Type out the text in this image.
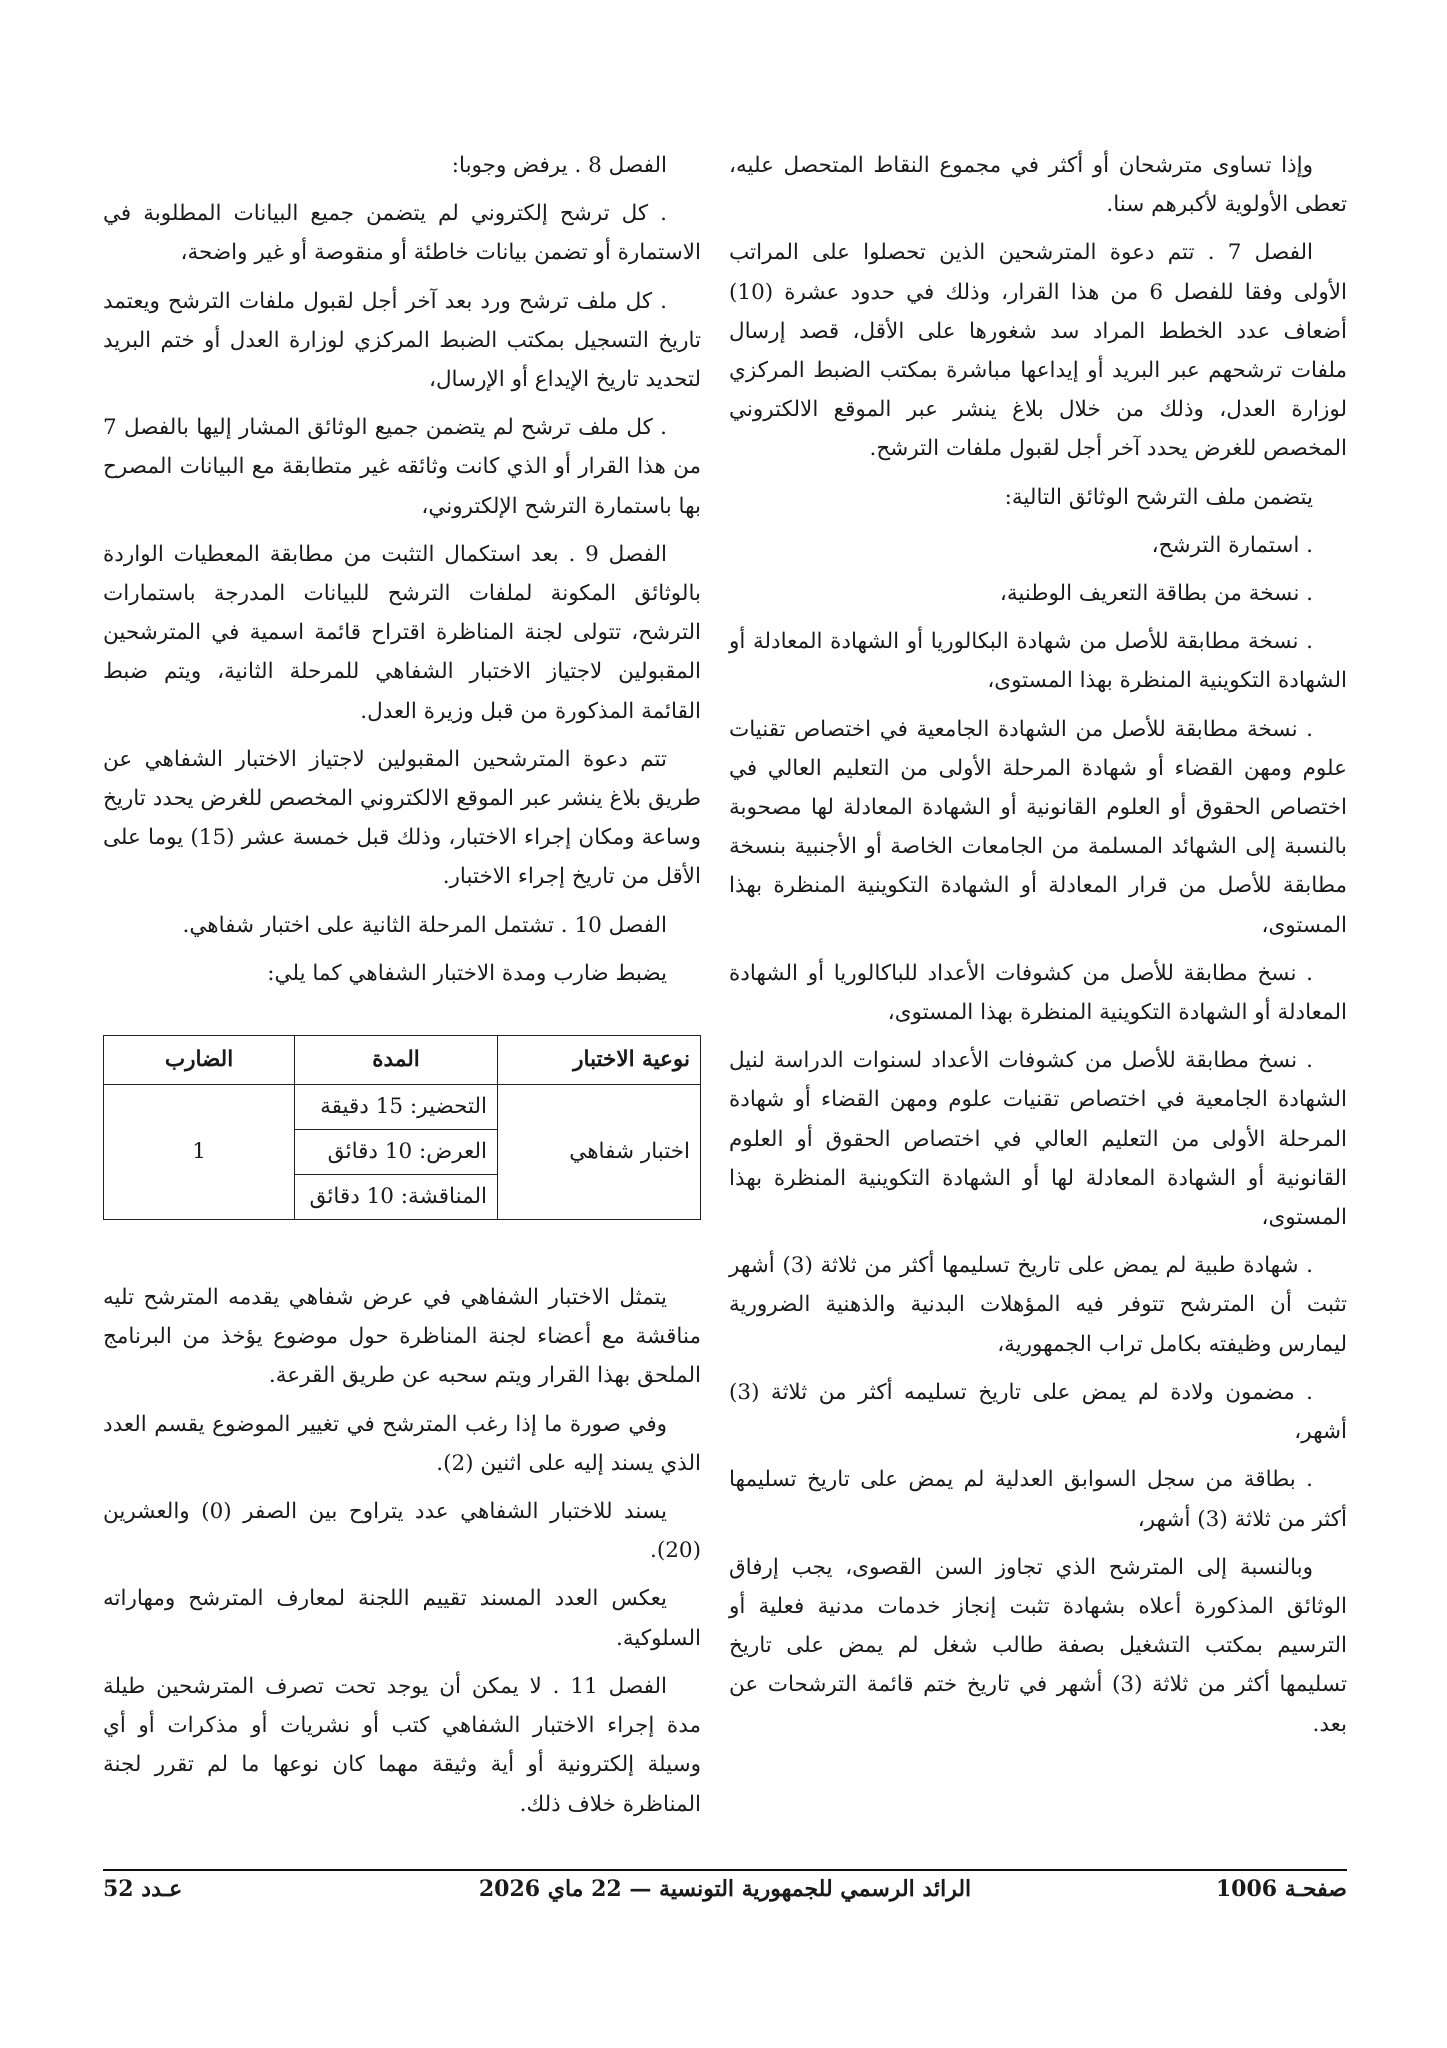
وإذا تساوى مترشحان أو أكثر في مجموع النقاط المتحصل عليه، تعطى الأولوية لأكبرهم سنا.

الفصل 7 . تتم دعوة المترشحين الذين تحصلوا على المراتب الأولى وفقا للفصل 6 من هذا القرار، وذلك في حدود عشرة (10) أضعاف عدد الخطط المراد سد شغورها على الأقل، قصد إرسال ملفات ترشحهم عبر البريد أو إيداعها مباشرة بمكتب الضبط المركزي لوزارة العدل، وذلك من خلال بلاغ ينشر عبر الموقع الالكتروني المخصص للغرض يحدد آخر أجل لقبول ملفات الترشح.

يتضمن ملف الترشح الوثائق التالية:

. استمارة الترشح،

. نسخة من بطاقة التعريف الوطنية،

. نسخة مطابقة للأصل من شهادة البكالوريا أو الشهادة المعادلة أو الشهادة التكوينية المنظرة بهذا المستوى،

. نسخة مطابقة للأصل من الشهادة الجامعية في اختصاص تقنيات علوم ومهن القضاء أو شهادة المرحلة الأولى من التعليم العالي في اختصاص الحقوق أو العلوم القانونية أو الشهادة المعادلة لها مصحوبة بالنسبة إلى الشهائد المسلمة من الجامعات الخاصة أو الأجنبية بنسخة مطابقة للأصل من قرار المعادلة أو الشهادة التكوينية المنظرة بهذا المستوى،

. نسخ مطابقة للأصل من كشوفات الأعداد للباكالوريا أو الشهادة المعادلة أو الشهادة التكوينية المنظرة بهذا المستوى،

. نسخ مطابقة للأصل من كشوفات الأعداد لسنوات الدراسة لنيل الشهادة الجامعية في اختصاص تقنيات علوم ومهن القضاء أو شهادة المرحلة الأولى من التعليم العالي في اختصاص الحقوق أو العلوم القانونية أو الشهادة المعادلة لها أو الشهادة التكوينية المنظرة بهذا المستوى،

. شهادة طبية لم يمض على تاريخ تسليمها أكثر من ثلاثة (3) أشهر تثبت أن المترشح تتوفر فيه المؤهلات البدنية والذهنية الضرورية ليمارس وظيفته بكامل تراب الجمهورية،

. مضمون ولادة لم يمض على تاريخ تسليمه أكثر من ثلاثة (3) أشهر،

. بطاقة من سجل السوابق العدلية لم يمض على تاريخ تسليمها أكثر من ثلاثة (3) أشهر،

وبالنسبة إلى المترشح الذي تجاوز السن القصوى، يجب إرفاق الوثائق المذكورة أعلاه بشهادة تثبت إنجاز خدمات مدنية فعلية أو الترسيم بمكتب التشغيل بصفة طالب شغل لم يمض على تاريخ تسليمها أكثر من ثلاثة (3) أشهر في تاريخ ختم قائمة الترشحات عن بعد.

الفصل 8 . يرفض وجوبا:

. كل ترشح إلكتروني لم يتضمن جميع البيانات المطلوبة في الاستمارة أو تضمن بيانات خاطئة أو منقوصة أو غير واضحة،

. كل ملف ترشح ورد بعد آخر أجل لقبول ملفات الترشح ويعتمد تاريخ التسجيل بمكتب الضبط المركزي لوزارة العدل أو ختم البريد لتحديد تاريخ الإيداع أو الإرسال،

. كل ملف ترشح لم يتضمن جميع الوثائق المشار إليها بالفصل 7 من هذا القرار أو الذي كانت وثائقه غير متطابقة مع البيانات المصرح بها باستمارة الترشح الإلكتروني،

الفصل 9 . بعد استكمال التثبت من مطابقة المعطيات الواردة بالوثائق المكونة لملفات الترشح للبيانات المدرجة باستمارات الترشح، تتولى لجنة المناظرة اقتراح قائمة اسمية في المترشحين المقبولين لاجتياز الاختبار الشفاهي للمرحلة الثانية، ويتم ضبط القائمة المذكورة من قبل وزيرة العدل.

تتم دعوة المترشحين المقبولين لاجتياز الاختبار الشفاهي عن طريق بلاغ ينشر عبر الموقع الالكتروني المخصص للغرض يحدد تاريخ وساعة ومكان إجراء الاختبار، وذلك قبل خمسة عشر (15) يوما على الأقل من تاريخ إجراء الاختبار.

الفصل 10 . تشتمل المرحلة الثانية على اختبار شفاهي.

يضبط ضارب ومدة الاختبار الشفاهي كما يلي:

نوعية الاختبار	المدة	الضارب
اختبار شفاهي	التحضير: 15 دقيقة	1
	العرض: 10 دقائق	
	المناقشة: 10 دقائق	

يتمثل الاختبار الشفاهي في عرض شفاهي يقدمه المترشح تليه مناقشة مع أعضاء لجنة المناظرة حول موضوع يؤخذ من البرنامج الملحق بهذا القرار ويتم سحبه عن طريق القرعة.

وفي صورة ما إذا رغب المترشح في تغيير الموضوع يقسم العدد الذي يسند إليه على اثنين (2).

يسند للاختبار الشفاهي عدد يتراوح بين الصفر (0) والعشرين (20).

يعكس العدد المسند تقييم اللجنة لمعارف المترشح ومهاراته السلوكية.

الفصل 11 . لا يمكن أن يوجد تحت تصرف المترشحين طيلة مدة إجراء الاختبار الشفاهي كتب أو نشريات أو مذكرات أو أي وسيلة إلكترونية أو أية وثيقة مهما كان نوعها ما لم تقرر لجنة المناظرة خلاف ذلك.

صفحـة 1006
الرائد الرسمي للجمهورية التونسية — 22 ماي 2026
عـدد 52
